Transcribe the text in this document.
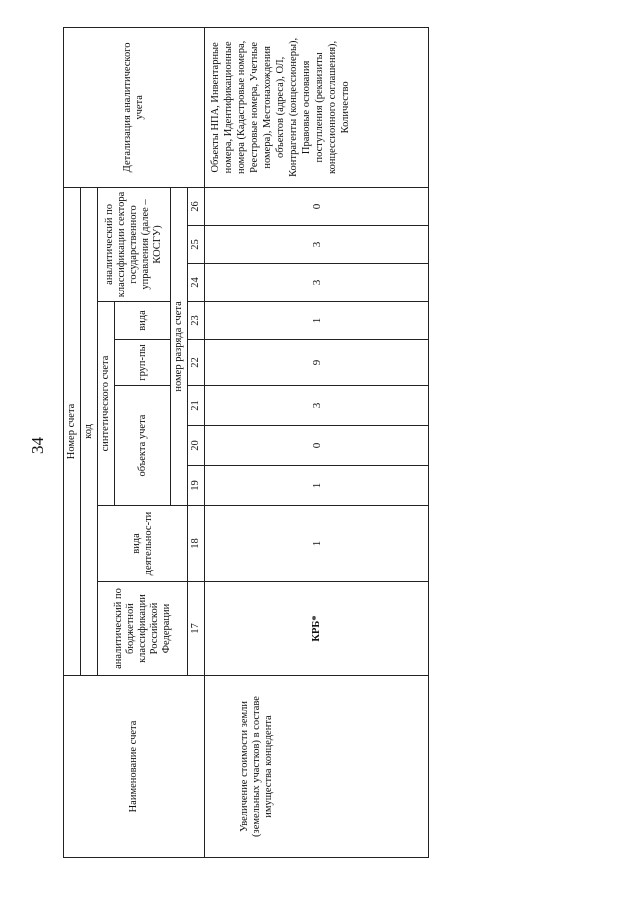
34
Наименование счета	Номер счета										Детализация аналитического учета
	код										
	аналитический по бюджетной классификации Российской Федерации	вида деятельнос-ти	синтетического счета					аналитический по классификации сектора государственного управления (далее – КОСГУ)			
			объекта учета			груп-пы	вида				
			номер разряда счета								
	17	18	19	20	21	22	23	24	25	26	
Увеличение стоимости земли (земельных участков) в составе имущества концедента	КРБ*	1	1	0	3	9	1	3	3	0	Объекты НПА, Инвентарные номера, Идентификационные номера (Кадастровые номера, Реестровые номера, Учетные номера), Местонахождения объектов (адреса), ОЛ, Контрагенты (концессионеры), Правовые основания поступления (реквизиты концессионного соглашения), Количество
